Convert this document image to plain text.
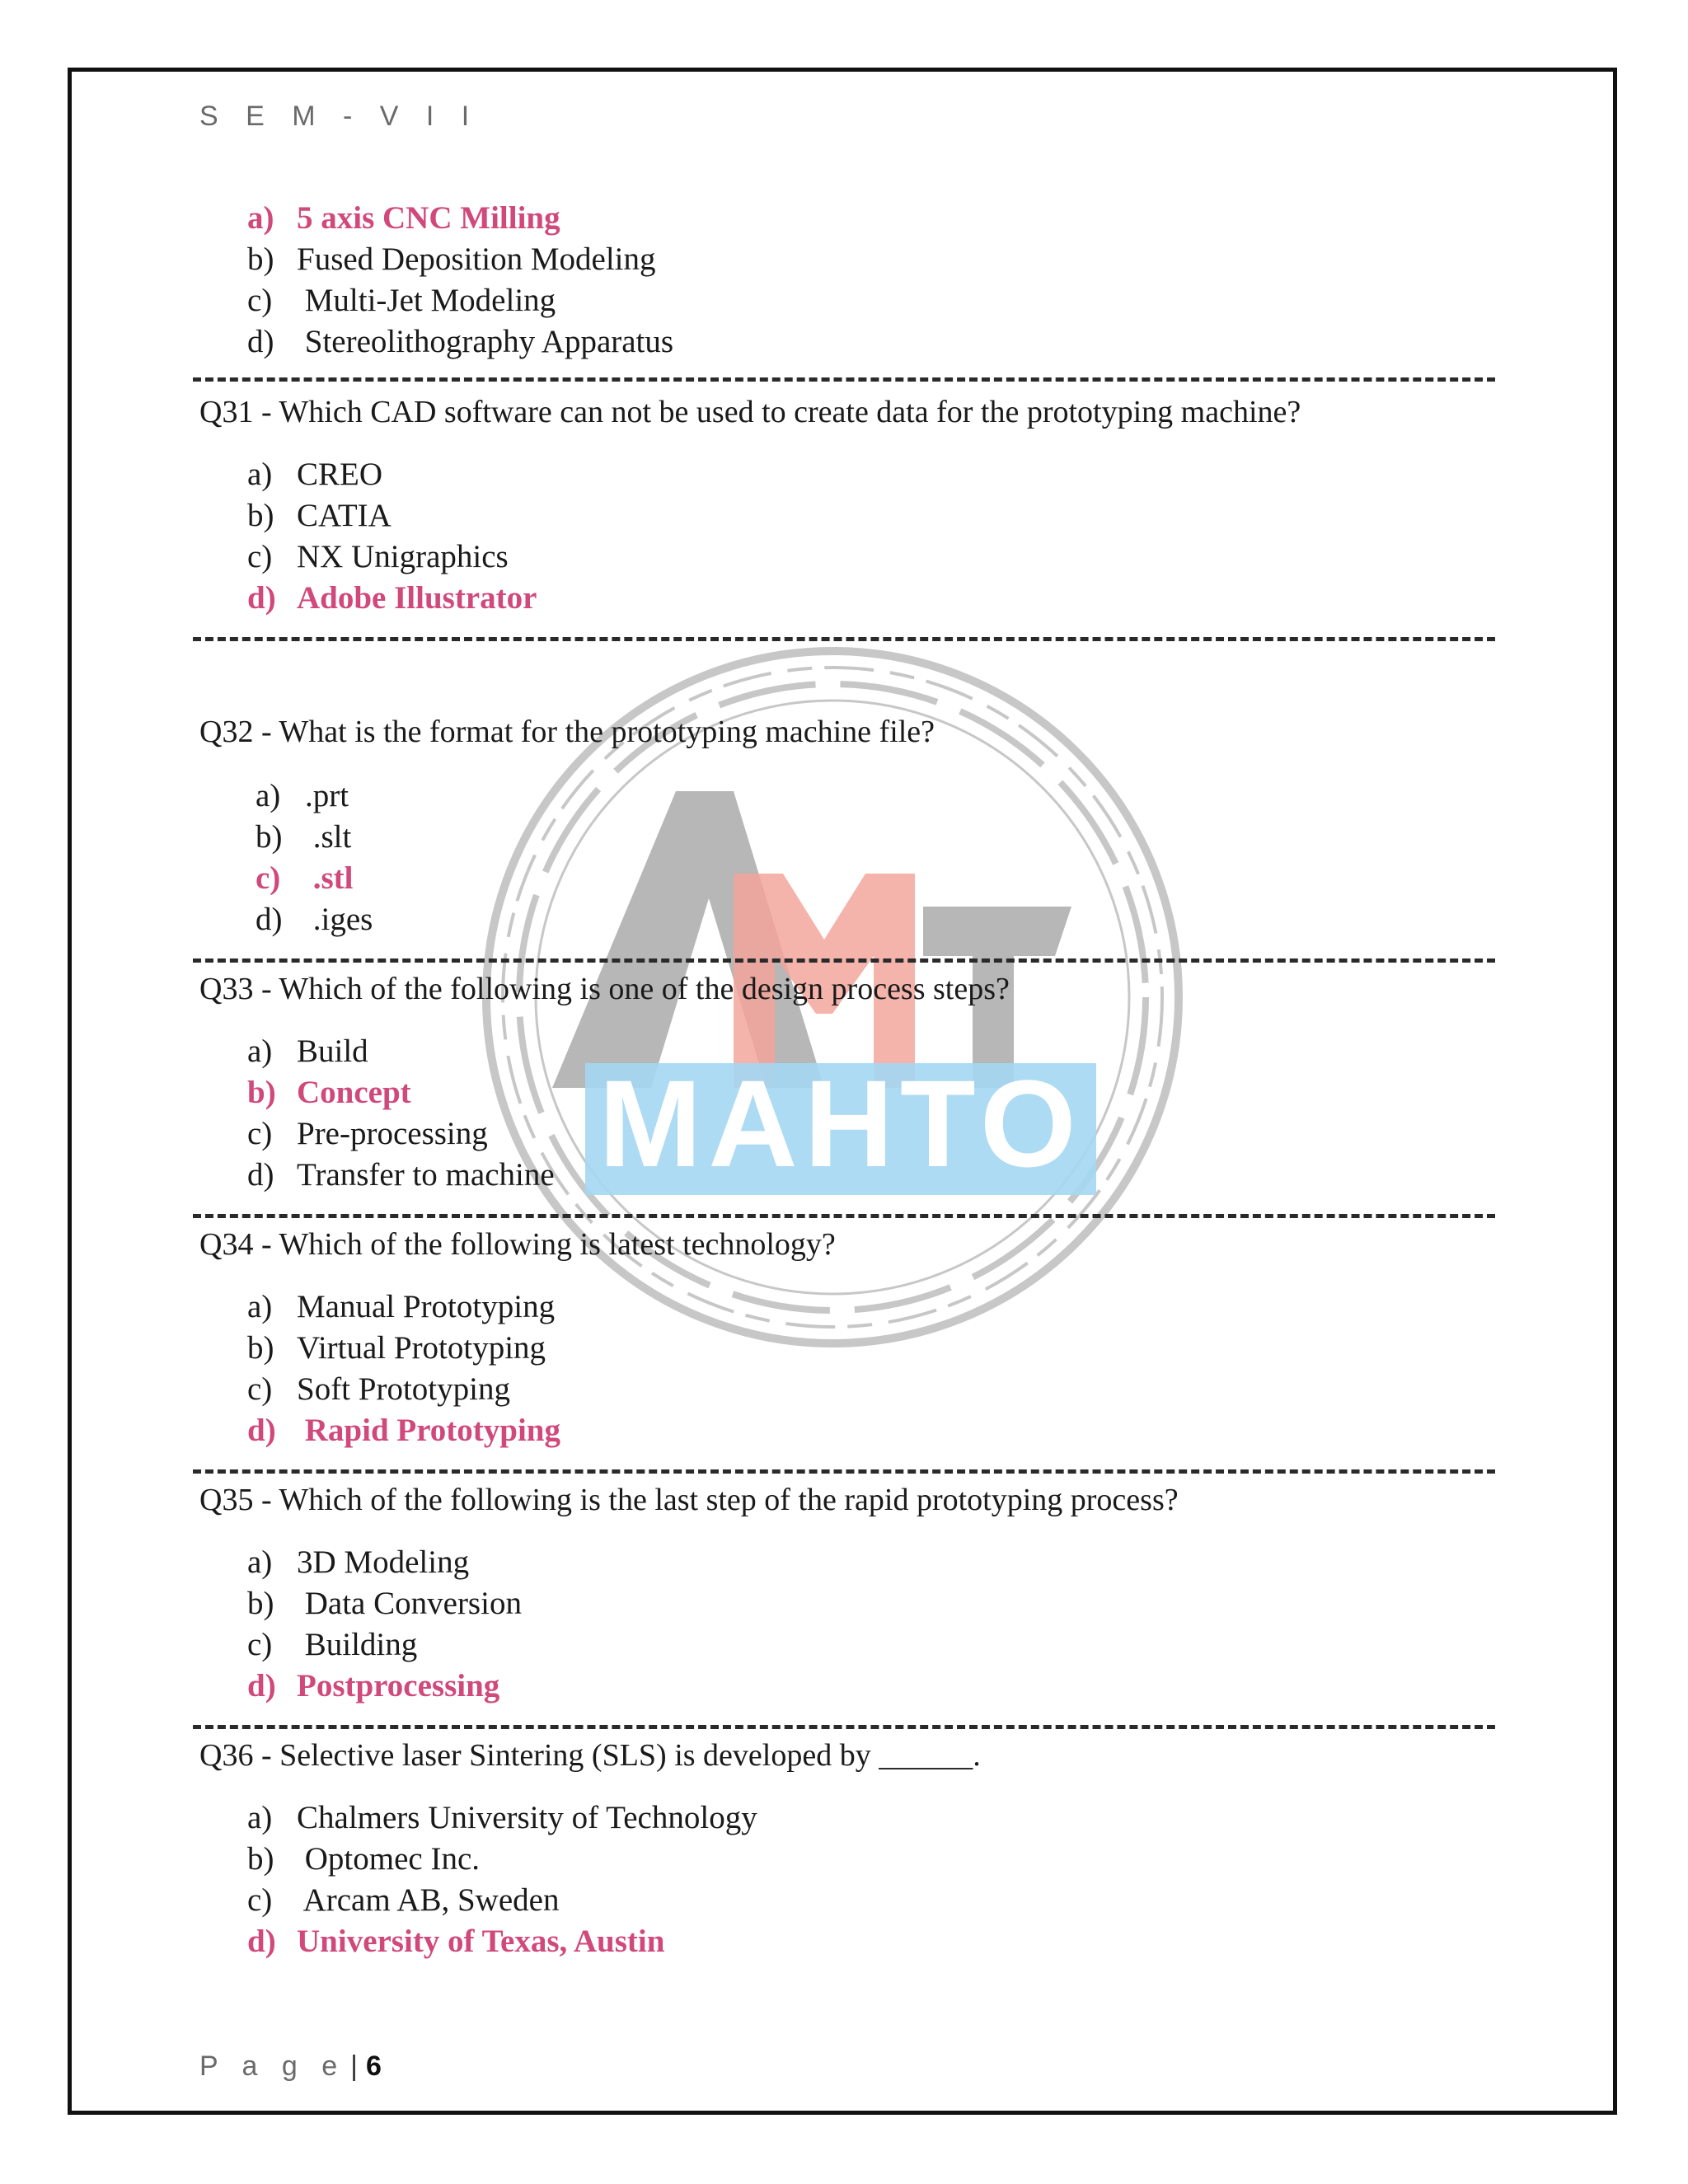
S E M - V I I
MAHTO
a) 5 axis CNC Milling
b) Fused Deposition Modeling
c) Multi-Jet Modeling
d) Stereolithography Apparatus
Q31 - Which CAD software can not be used to create data for the prototyping machine?
a) CREO
b) CATIA
c) NX Unigraphics
d) Adobe Illustrator
Q32 - What is the format for the prototyping machine file?
a) .prt
b) .slt
c) .stl
d) .iges
Q33 - Which of the following is one of the design process steps?
a) Build
b) Concept
c) Pre-processing
d) Transfer to machine
Q34 - Which of the following is latest technology?
a) Manual Prototyping
b) Virtual Prototyping
c) Soft Prototyping
d) Rapid Prototyping
Q35 - Which of the following is the last step of the rapid prototyping process?
a) 3D Modeling
b) Data Conversion
c) Building
d) Postprocessing
Q36 - Selective laser Sintering (SLS) is developed by ______.
a) Chalmers University of Technology
b) Optomec Inc.
c) Arcam AB, Sweden
d) University of Texas, Austin
P a g e | 6
